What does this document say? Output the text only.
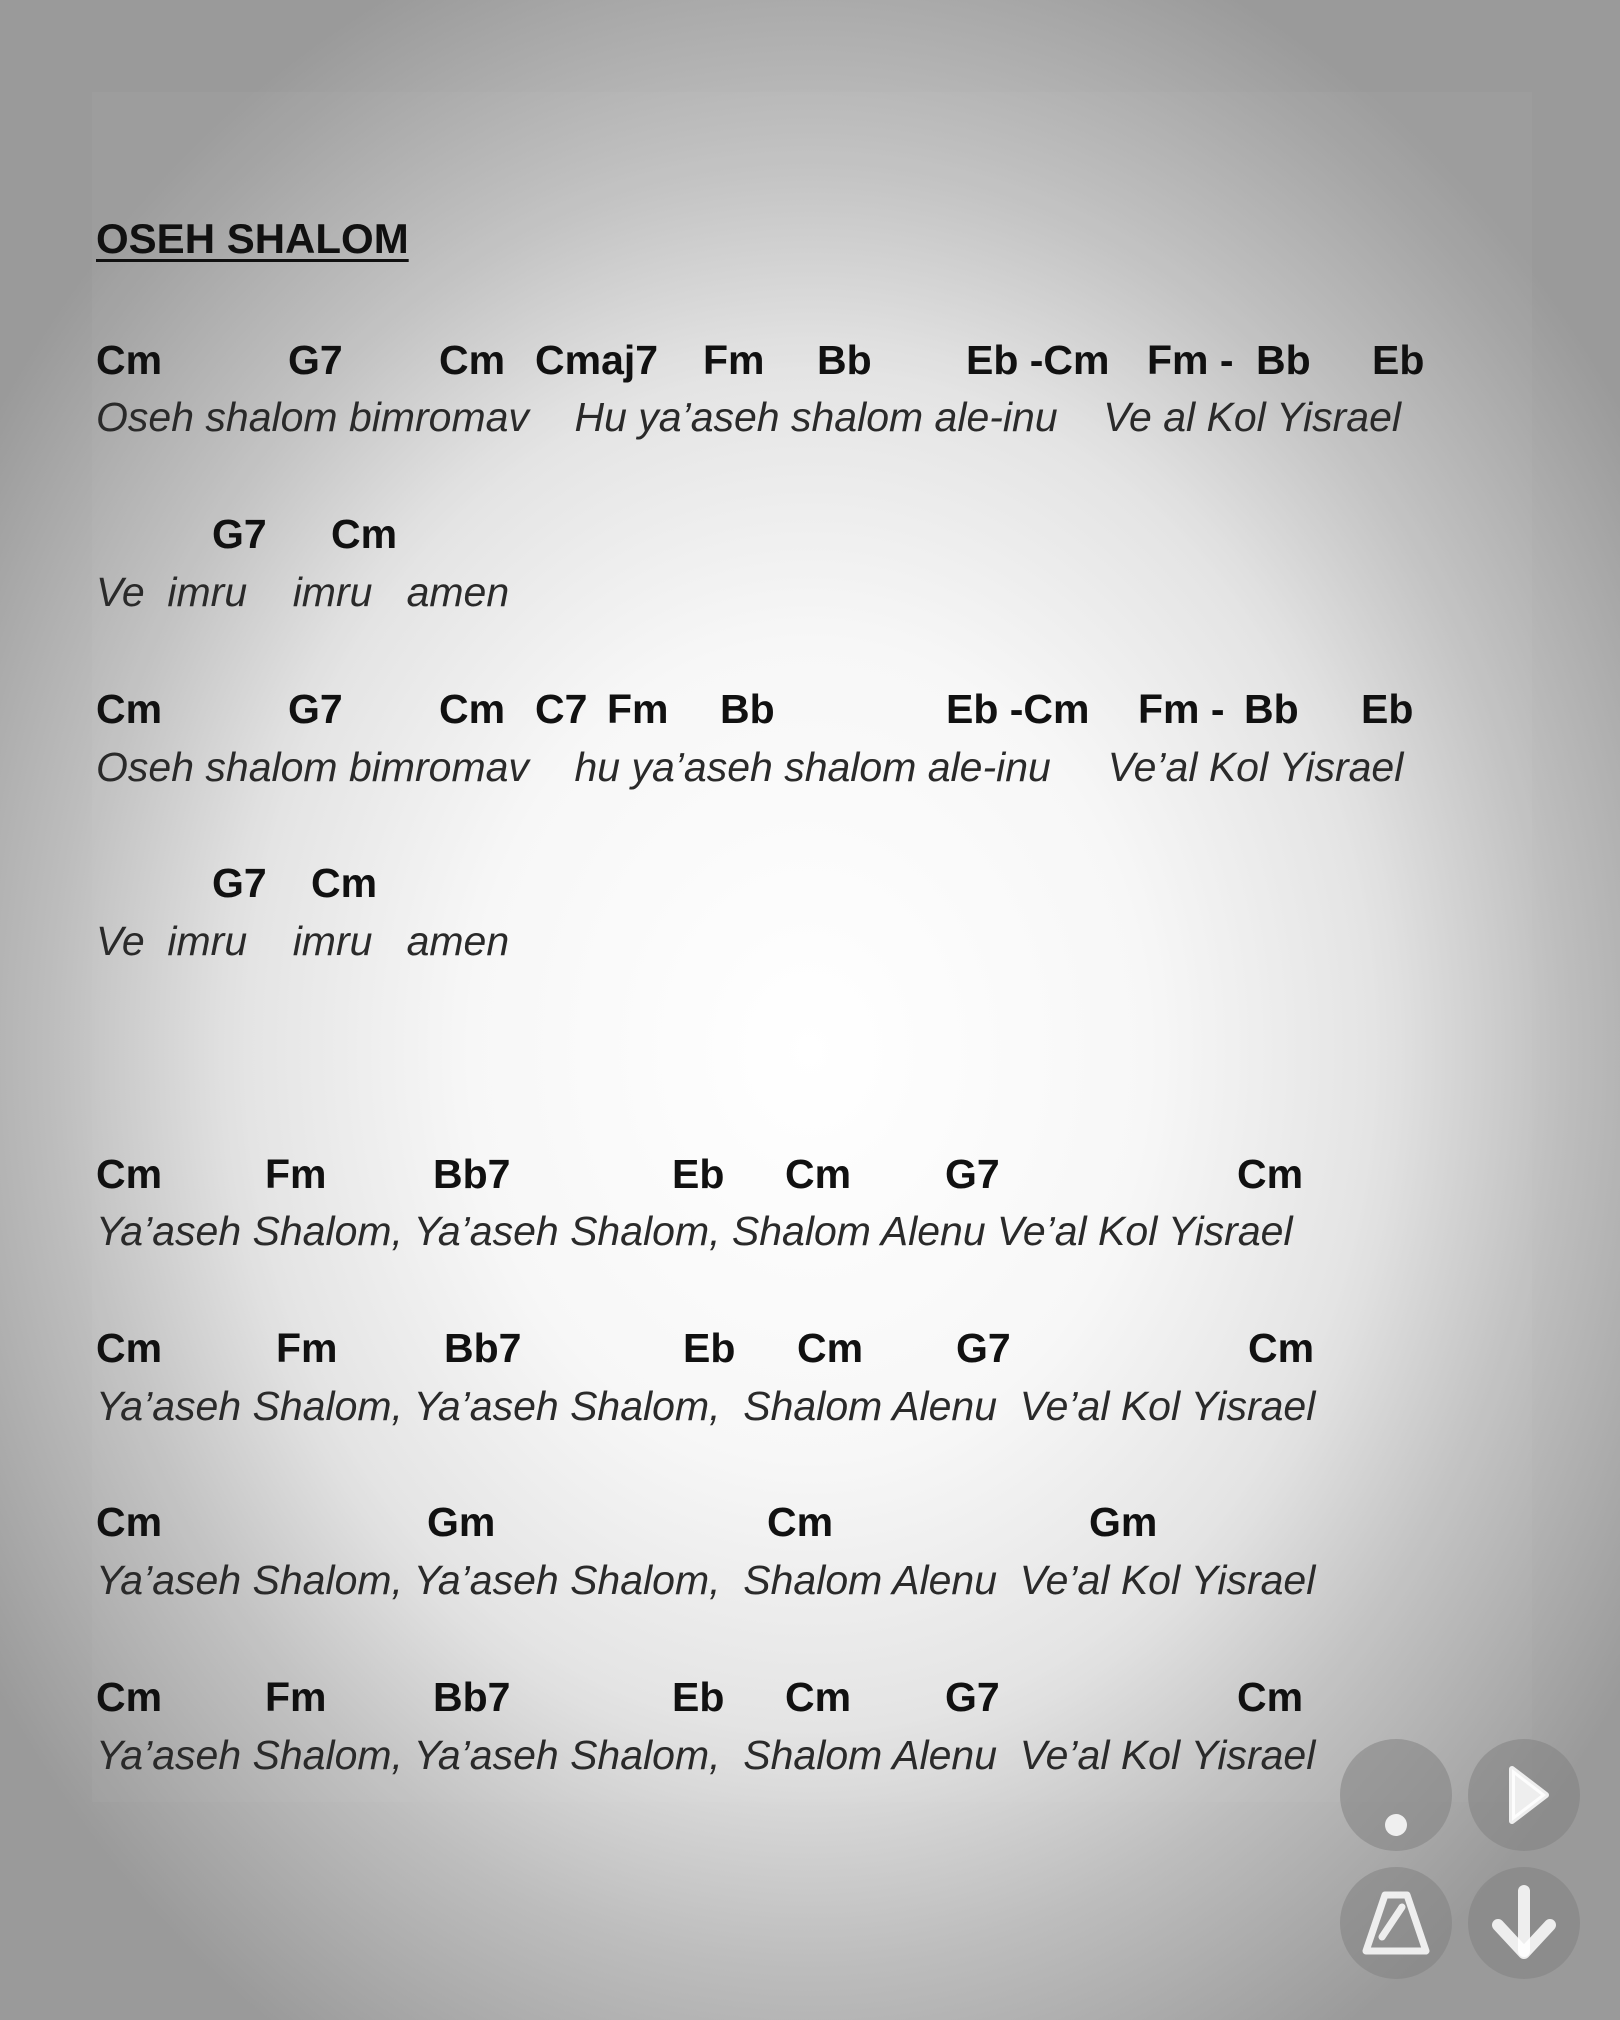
OSEH SHALOM
Cm	G7 Cm Cmaj7 Fm Bb Eb -Cm Fm - Bb Eb
Oseh shalom bimromav    Hu ya’aseh shalom ale-inu    Ve al Kol Yisrael
G7 Cm
Ve  imru    imru   amen
Cm	G7 Cm C7 Fm Bb	Eb -Cm Fm - Bb Eb
Oseh shalom bimromav    hu ya’aseh shalom ale-inu     Ve’al Kol Yisrael
G7 Cm
Ve  imru    imru   amen
Cm	Fm	Bb7	Eb Cm G7	Cm
Ya’aseh Shalom, Ya’aseh Shalom, Shalom Alenu Ve’al Kol Yisrael
Cm	Fm	Bb7	Eb Cm G7	Cm
Ya’aseh Shalom, Ya’aseh Shalom,  Shalom Alenu  Ve’al Kol Yisrael
Cm	Gm	Cm	Gm
Ya’aseh Shalom, Ya’aseh Shalom,  Shalom Alenu  Ve’al Kol Yisrael
Cm	Fm	Bb7	Eb Cm G7	Cm
Ya’aseh Shalom, Ya’aseh Shalom,  Shalom Alenu  Ve’al Kol Yisrael
